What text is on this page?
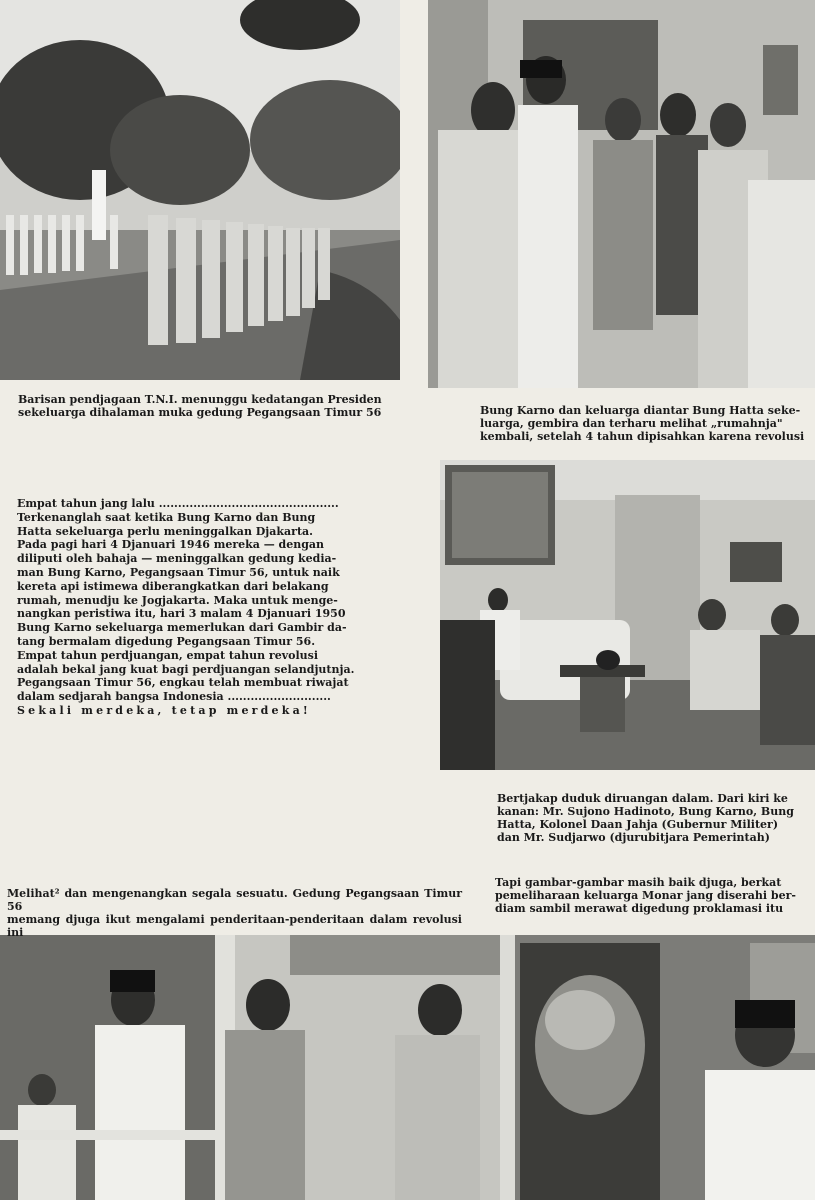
Barisan pendjagaan T.N.I. menunggu kedatangan Presiden
sekeluarga dihalaman muka gedung Pegangsaan Timur 56	Bung Karno dan keluarga diantar Bung Hatta seke-
luarga, gembira dan terharu melihat „rumahnja"
kembali, setelah 4 tahun dipisahkan karena revolusi
Empat tahun jang lalu ...............................................
Terkenanglah saat ketika Bung Karno dan Bung
Hatta sekeluarga perlu meninggalkan Djakarta.
Pada pagi hari 4 Djanuari 1946 mereka — dengan
diliputi oleh bahaja — meninggalkan gedung kedia-
man Bung Karno, Pegangsaan Timur 56, untuk naik
kereta api istimewa diberangkatkan dari belakang
rumah, menudju ke Jogjakarta. Maka untuk menge-
nangkan peristiwa itu, hari 3 malam 4 Djanuari 1950
Bung Karno sekeluarga memerlukan dari Gambir da-
tang bermalam digedung Pegangsaan Timur 56.
Empat tahun perdjuangan, empat tahun revolusi
adalah bekal jang kuat bagi perdjuangan selandjutnja.
Pegangsaan Timur 56, engkau telah membuat riwajat
dalam sedjarah bangsa Indonesia ...........................
Sekali merdeka, tetap merdeka!
Bertjakap duduk diruangan dalam. Dari kiri ke
kanan: Mr. Sujono Hadinoto, Bung Karno, Bung
Hatta, Kolonel Daan Jahja (Gubernur Militer)
dan Mr. Sudjarwo (djurubitjara Pemerintah)
Melihat² dan mengenangkan segala sesuatu. Gedung Pegangsaan Timur 56
memang djuga ikut mengalami penderitaan-penderitaan dalam revolusi ini
Tapi gambar-gambar masih baik djuga, berkat
pemeliharaan keluarga Monar jang diserahi ber-
diam sambil merawat digedung proklamasi itu
